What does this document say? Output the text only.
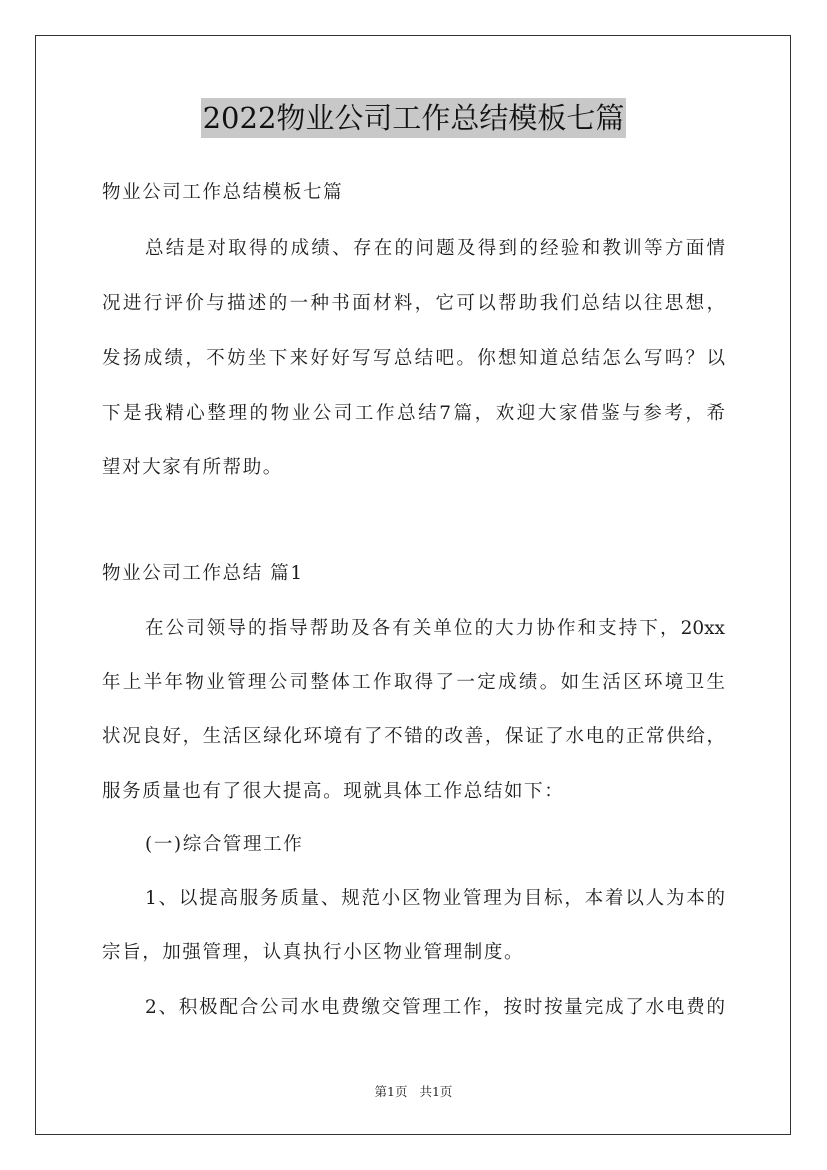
2022物业公司工作总结模板七篇
物业公司工作总结模板七篇
总结是对取得的成绩、存在的问题及得到的经验和教训等方面情
况进行评价与描述的一种书面材料，它可以帮助我们总结以往思想，
发扬成绩，不妨坐下来好好写写总结吧。你想知道总结怎么写吗？以
下是我精心整理的物业公司工作总结7篇，欢迎大家借鉴与参考，希
望对大家有所帮助。
物业公司工作总结 篇1
在公司领导的指导帮助及各有关单位的大力协作和支持下，20xx
年上半年物业管理公司整体工作取得了一定成绩。如生活区环境卫生
状况良好，生活区绿化环境有了不错的改善，保证了水电的正常供给，
服务质量也有了很大提高。现就具体工作总结如下：
(一)综合管理工作
1、以提高服务质量、规范小区物业管理为目标，本着以人为本的
宗旨，加强管理，认真执行小区物业管理制度。
2、积极配合公司水电费缴交管理工作，按时按量完成了水电费的
第1页 共1页
